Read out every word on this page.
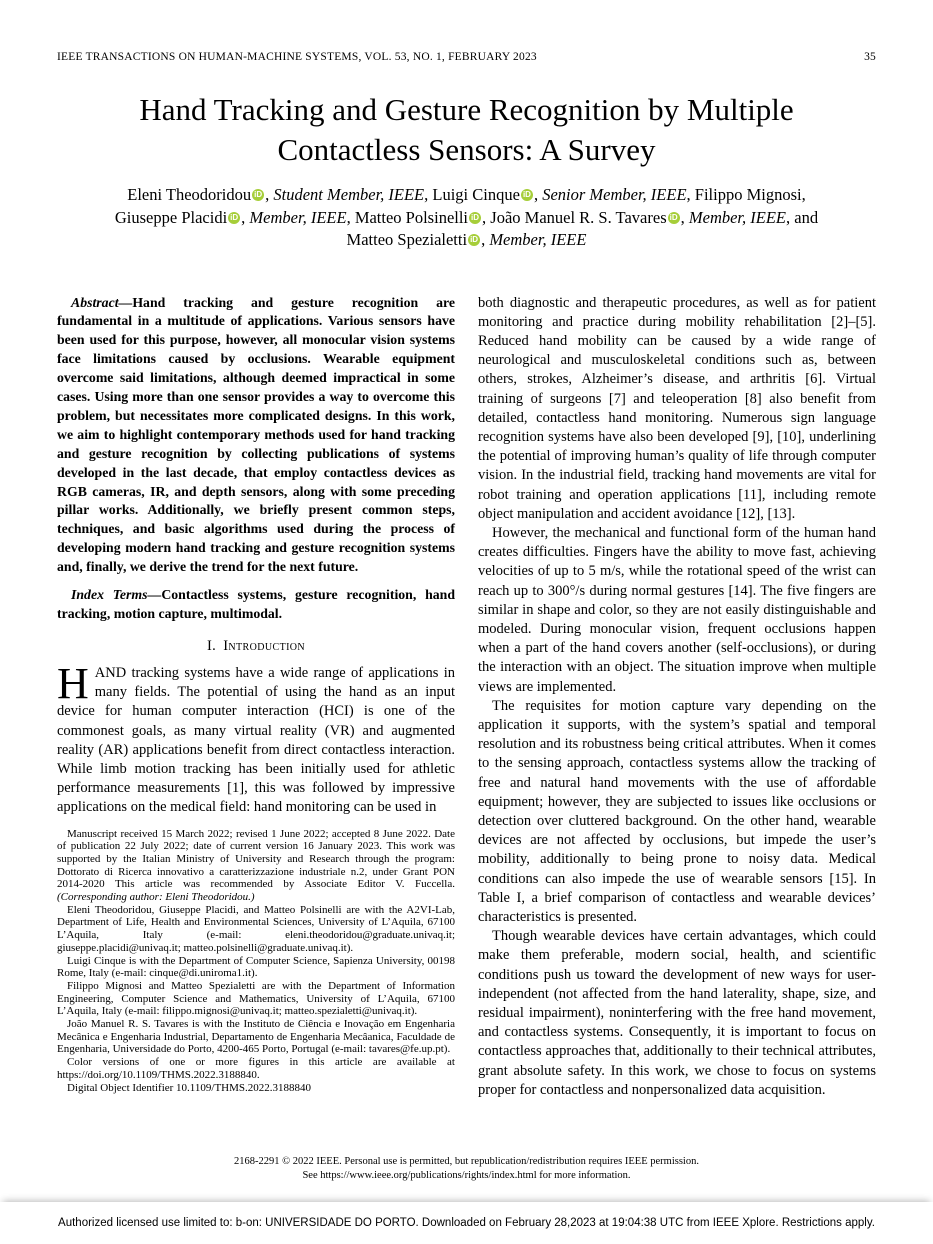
IEEE TRANSACTIONS ON HUMAN-MACHINE SYSTEMS, VOL. 53, NO. 1, FEBRUARY 2023	35
Hand Tracking and Gesture Recognition by Multiple
Contactless Sensors: A Survey
Eleni Theodoridou iD , Student Member, IEEE, Luigi Cinque iD , Senior Member, IEEE, Filippo Mignosi, Giuseppe Placidi iD , Member, IEEE, Matteo Polsinelli iD , João Manuel R. S. Tavares iD , Member, IEEE, and Matteo Spezialetti iD , Member, IEEE

Abstract—Hand tracking and gesture recognition are fundamental in a multitude of applications. Various sensors have been used for this purpose, however, all monocular vision systems face limitations caused by occlusions. Wearable equipment overcome said limitations, although deemed impractical in some cases. Using more than one sensor provides a way to overcome this problem, but necessitates more complicated designs. In this work, we aim to highlight contemporary methods used for hand tracking and gesture recognition by collecting publications of systems developed in the last decade, that employ contactless devices as RGB cameras, IR, and depth sensors, along with some preceding pillar works. Additionally, we briefly present common steps, techniques, and basic algorithms used during the process of developing modern hand tracking and gesture recognition systems and, finally, we derive the trend for the next future.

Index Terms—Contactless systems, gesture recognition, hand tracking, motion capture, multimodal.

I. Introduction

HAND tracking systems have a wide range of applications in many fields. The potential of using the hand as an input device for human computer interaction (HCI) is one of the commonest goals, as many virtual reality (VR) and augmented reality (AR) applications benefit from direct contactless interaction. While limb motion tracking has been initially used for athletic performance measurements [1], this was followed by impressive applications on the medical field: hand monitoring can be used in

Manuscript received 15 March 2022; revised 1 June 2022; accepted 8 June 2022. Date of publication 22 July 2022; date of current version 16 January 2023. This work was supported by the Italian Ministry of University and Research through the program: Dottorato di Ricerca innovativo a caratterizzazione industriale n.2, under Grant PON 2014-2020 This article was recommended by Associate Editor V. Fuccella. (Corresponding author: Eleni Theodoridou.)

Eleni Theodoridou, Giuseppe Placidi, and Matteo Polsinelli are with the A2VI-Lab, Department of Life, Health and Environmental Sciences, University of L’Aquila, 67100 L’Aquila, Italy (e-mail: eleni.theodoridou@graduate.univaq.it; giuseppe.placidi@univaq.it; matteo.polsinelli@graduate.univaq.it).

Luigi Cinque is with the Department of Computer Science, Sapienza University, 00198 Rome, Italy (e-mail: cinque@di.uniroma1.it).

Filippo Mignosi and Matteo Spezialetti are with the Department of Information Engineering, Computer Science and Mathematics, University of L’Aquila, 67100 L’Aquila, Italy (e-mail: filippo.mignosi@univaq.it; matteo.spezialetti@univaq.it).

João Manuel R. S. Tavares is with the Instituto de Ciência e Inovação em Engenharia Mecânica e Engenharia Industrial, Departamento de Engenharia Mecâanica, Faculdade de Engenharia, Universidade do Porto, 4200-465 Porto, Portugal (e-mail: tavares@fe.up.pt).

Color versions of one or more figures in this article are available at https://doi.org/10.1109/THMS.2022.3188840.

Digital Object Identifier 10.1109/THMS.2022.3188840

both diagnostic and therapeutic procedures, as well as for patient monitoring and practice during mobility rehabilitation [2]–[5]. Reduced hand mobility can be caused by a wide range of neurological and musculoskeletal conditions such as, between others, strokes, Alzheimer’s disease, and arthritis [6]. Virtual training of surgeons [7] and teleoperation [8] also benefit from detailed, contactless hand monitoring. Numerous sign language recognition systems have also been developed [9], [10], underlining the potential of improving human’s quality of life through computer vision. In the industrial field, tracking hand movements are vital for robot training and operation applications [11], including remote object manipulation and accident avoidance [12], [13].

However, the mechanical and functional form of the human hand creates difficulties. Fingers have the ability to move fast, achieving velocities of up to 5 m/s, while the rotational speed of the wrist can reach up to 300°/s during normal gestures [14]. The five fingers are similar in shape and color, so they are not easily distinguishable and modeled. During monocular vision, frequent occlusions happen when a part of the hand covers another (self-occlusions), or during the interaction with an object. The situation improve when multiple views are implemented.

The requisites for motion capture vary depending on the application it supports, with the system’s spatial and temporal resolution and its robustness being critical attributes. When it comes to the sensing approach, contactless systems allow the tracking of free and natural hand movements with the use of affordable equipment; however, they are subjected to issues like occlusions or detection over cluttered background. On the other hand, wearable devices are not affected by occlusions, but impede the user’s mobility, additionally to being prone to noisy data. Medical conditions can also impede the use of wearable sensors [15]. In Table I, a brief comparison of contactless and wearable devices’ characteristics is presented.

Though wearable devices have certain advantages, which could make them preferable, modern social, health, and scientific conditions push us toward the development of new ways for user-independent (not affected from the hand laterality, shape, size, and residual impairment), noninterfering with the free hand movement, and contactless systems. Consequently, it is important to focus on contactless approaches that, additionally to their technical attributes, grant absolute safety. In this work, we chose to focus on systems proper for contactless and nonpersonalized data acquisition.

2168-2291 © 2022 IEEE. Personal use is permitted, but republication/redistribution requires IEEE permission.
See https://www.ieee.org/publications/rights/index.html for more information.
Authorized licensed use limited to: b-on: UNIVERSIDADE DO PORTO. Downloaded on February 28,2023 at 19:04:38 UTC from IEEE Xplore. Restrictions apply.
